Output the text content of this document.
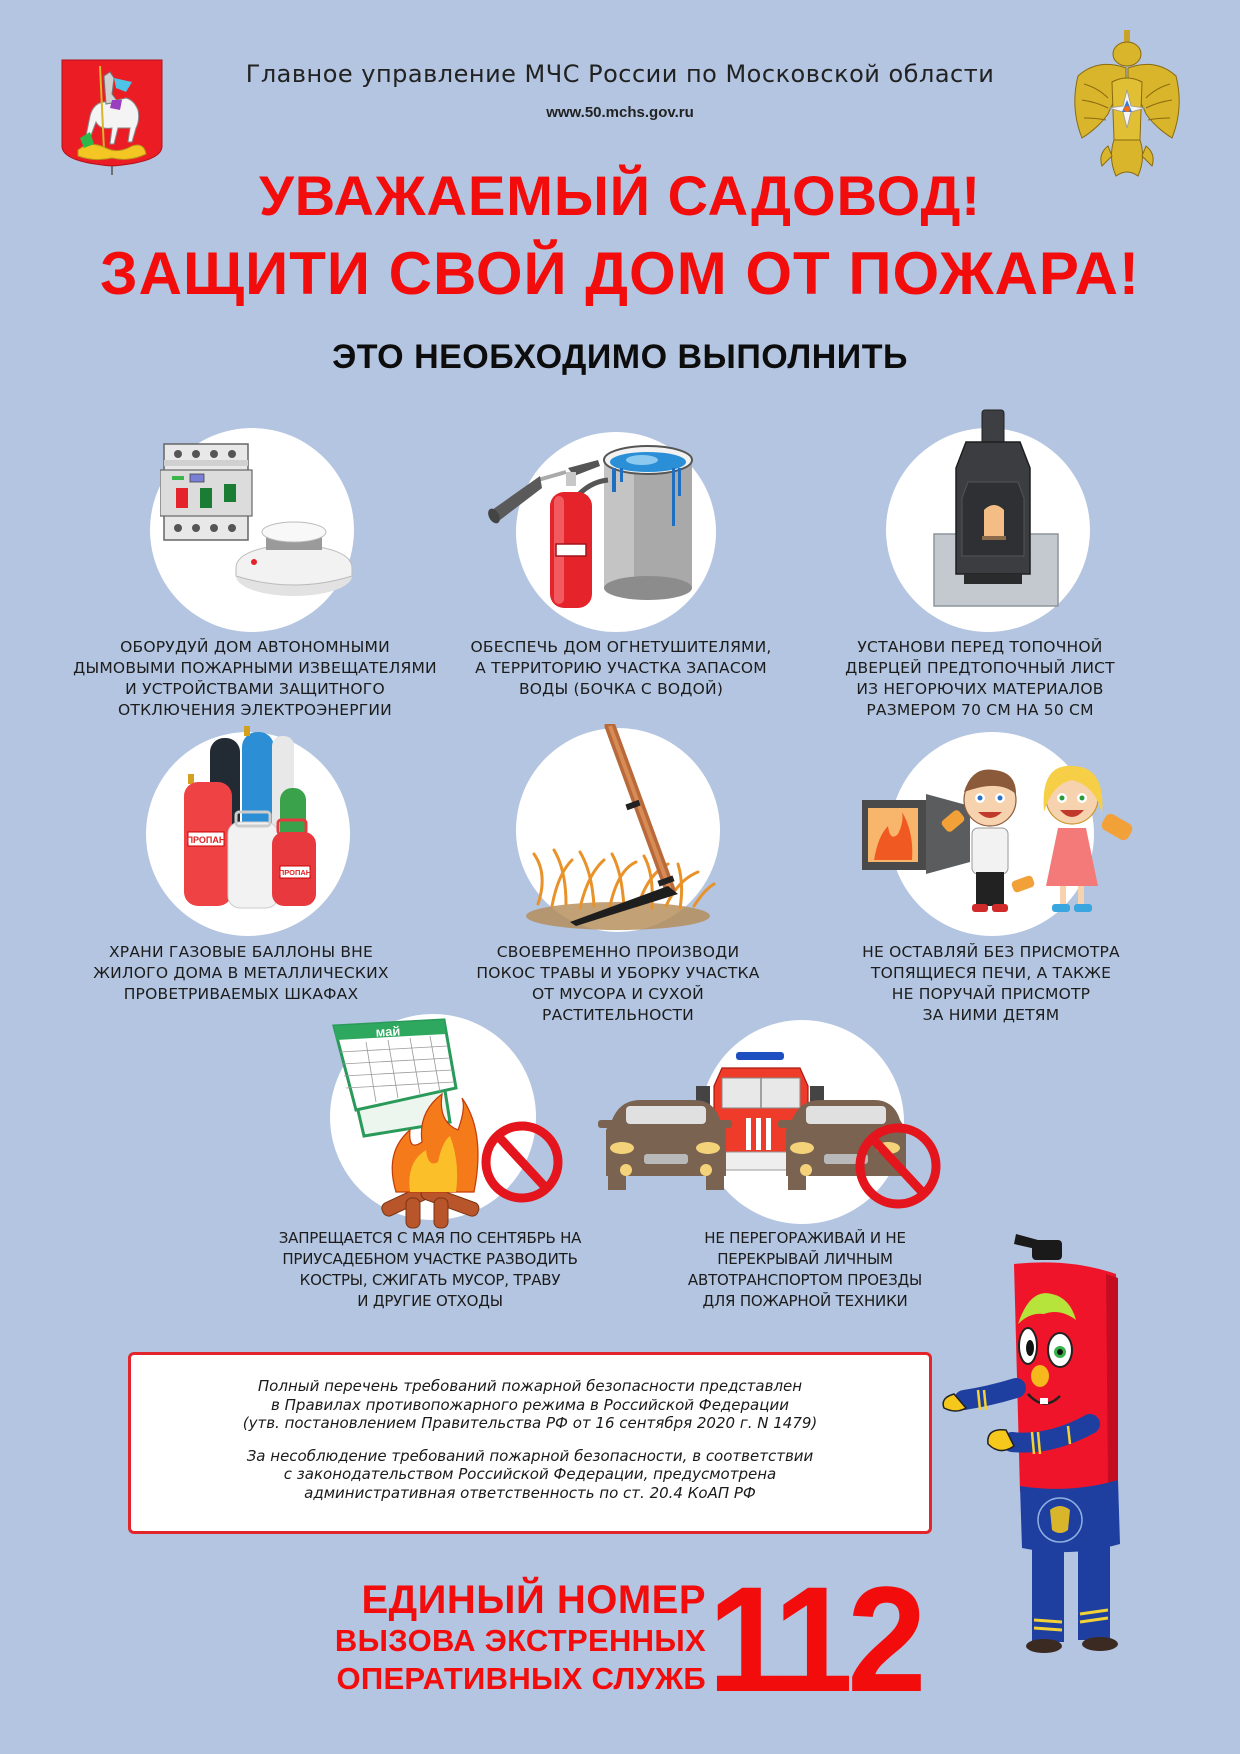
Главное управление МЧС России по Московской области
www.50.mchs.gov.ru
УВАЖАЕМЫЙ САДОВОД!
ЗАЩИТИ СВОЙ ДОМ ОТ ПОЖАРА!
ЭТО НЕОБХОДИМО ВЫПОЛНИТЬ
ОБОРУДУЙ ДОМ АВТОНОМНЫМИ
ДЫМОВЫМИ ПОЖАРНЫМИ ИЗВЕЩАТЕЛЯМИ
И УСТРОЙСТВАМИ ЗАЩИТНОГО
ОТКЛЮЧЕНИЯ ЭЛЕКТРОЭНЕРГИИ
ОБЕСПЕЧЬ ДОМ ОГНЕТУШИТЕЛЯМИ,
А ТЕРРИТОРИЮ УЧАСТКА ЗАПАСОМ
ВОДЫ (БОЧКА С ВОДОЙ)
УСТАНОВИ ПЕРЕД ТОПОЧНОЙ
ДВЕРЦЕЙ ПРЕДТОПОЧНЫЙ ЛИСТ
ИЗ НЕГОРЮЧИХ МАТЕРИАЛОВ
РАЗМЕРОМ 70 СМ НА 50 СМ
ПРОПАН
ПРОПАН
ХРАНИ ГАЗОВЫЕ БАЛЛОНЫ ВНЕ
ЖИЛОГО ДОМА В МЕТАЛЛИЧЕСКИХ
ПРОВЕТРИВАЕМЫХ ШКАФАХ
СВОЕВРЕМЕННО ПРОИЗВОДИ
ПОКОС ТРАВЫ И УБОРКУ УЧАСТКА
ОТ МУСОРА И СУХОЙ
РАСТИТЕЛЬНОСТИ
НЕ ОСТАВЛЯЙ БЕЗ ПРИСМОТРА
ТОПЯЩИЕСЯ ПЕЧИ, А ТАКЖЕ
НЕ ПОРУЧАЙ ПРИСМОТР
ЗА НИМИ ДЕТЯМ
май
ЗАПРЕЩАЕТСЯ С МАЯ ПО СЕНТЯБРЬ НА
ПРИУСАДЕБНОМ УЧАСТКЕ РАЗВОДИТЬ
КОСТРЫ, СЖИГАТЬ МУСОР, ТРАВУ
И ДРУГИЕ ОТХОДЫ
НЕ ПЕРЕГОРАЖИВАЙ И НЕ
ПЕРЕКРЫВАЙ ЛИЧНЫМ
АВТОТРАНСПОРТОМ ПРОЕЗДЫ
ДЛЯ ПОЖАРНОЙ ТЕХНИКИ
Полный перечень требований пожарной безопасности представлен
в Правилах противопожарного режима в Российской Федерации
(утв. постановлением Правительства РФ от 16 сентября 2020 г. N 1479)
За несоблюдение требований пожарной безопасности, в соответствии
с законодательством Российской Федерации, предусмотрена
административная ответственность по ст. 20.4 КоАП РФ
ЕДИНЫЙ НОМЕР
ВЫЗОВА ЭКСТРЕННЫХ
ОПЕРАТИВНЫХ СЛУЖБ 112
